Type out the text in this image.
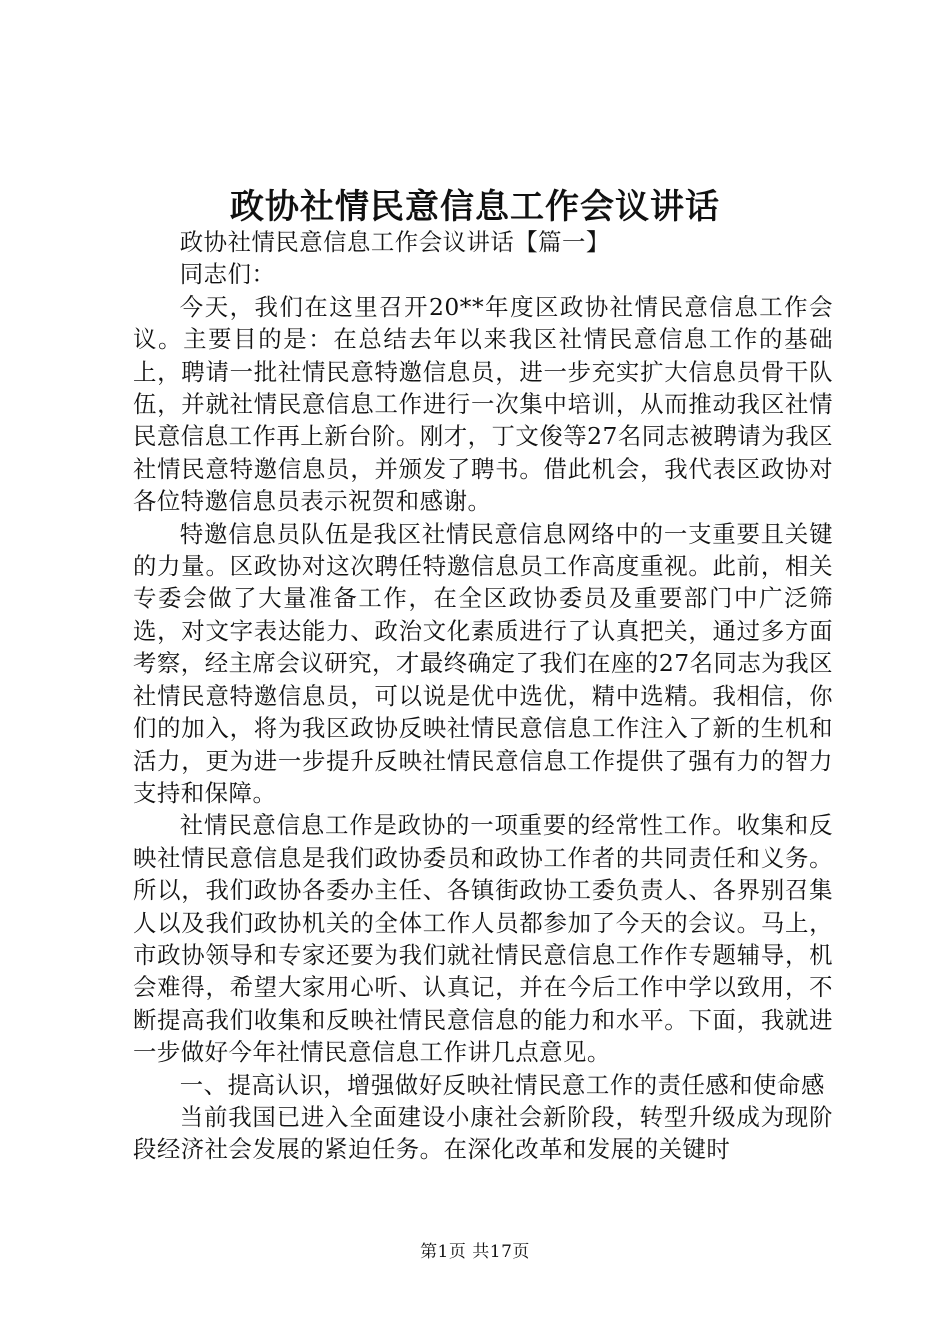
政协社情民意信息工作会议讲话

政协社情民意信息工作会议讲话【篇一】

同志们：

今天，我们在这里召开20**年度区政协社情民意信息工作会议。主要目的是：在总结去年以来我区社情民意信息工作的基础上，聘请一批社情民意特邀信息员，进一步充实扩大信息员骨干队伍，并就社情民意信息工作进行一次集中培训，从而推动我区社情民意信息工作再上新台阶。刚才，丁文俊等27名同志被聘请为我区社情民意特邀信息员，并颁发了聘书。借此机会，我代表区政协对各位特邀信息员表示祝贺和感谢。

特邀信息员队伍是我区社情民意信息网络中的一支重要且关键的力量。区政协对这次聘任特邀信息员工作高度重视。此前，相关专委会做了大量准备工作，在全区政协委员及重要部门中广泛筛选，对文字表达能力、政治文化素质进行了认真把关，通过多方面考察，经主席会议研究，才最终确定了我们在座的27名同志为我区社情民意特邀信息员，可以说是优中选优，精中选精。我相信，你们的加入，将为我区政协反映社情民意信息工作注入了新的生机和活力，更为进一步提升反映社情民意信息工作提供了强有力的智力支持和保障。

社情民意信息工作是政协的一项重要的经常性工作。收集和反映社情民意信息是我们政协委员和政协工作者的共同责任和义务。所以，我们政协各委办主任、各镇街政协工委负责人、各界别召集人以及我们政协机关的全体工作人员都参加了今天的会议。马上，市政协领导和专家还要为我们就社情民意信息工作作专题辅导，机会难得，希望大家用心听、认真记，并在今后工作中学以致用，不断提高我们收集和反映社情民意信息的能力和水平。下面，我就进一步做好今年社情民意信息工作讲几点意见。

一、提高认识，增强做好反映社情民意工作的责任感和使命感

当前我国已进入全面建设小康社会新阶段，转型升级成为现阶段经济社会发展的紧迫任务。在深化改革和发展的关键时

第1页 共17页
